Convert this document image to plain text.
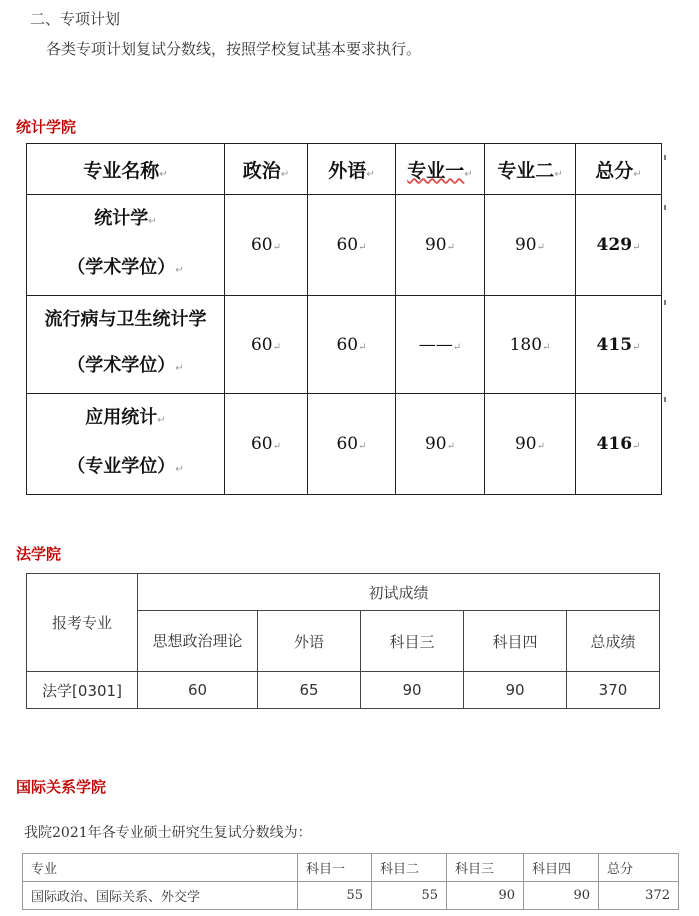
二、专项计划
各类专项计划复试分数线，按照学校复试基本要求执行。
统计学院
专业名称↵	政治↵	外语↵	专业一↵	专业二↵	总分↵

统计学↵
（学术学位）↵	60↵	60↵	90↵	90↵	429↵

流行病与卫生统计学
（学术学位）↵	60↵	60↵	——↵	180↵	415↵

应用统计↵
（专业学位）↵	60↵	60↵	90↵	90↵	416↵
法学院
报考专业	初试成绩				
	思想政治理论	外语	科目三	科目四	总成绩
法学[0301]	60	65	90	90	370
国际关系学院
我院2021年各专业硕士研究生复试分数线为：
专业	科目一	科目二	科目三	科目四	总分
国际政治、国际关系、外交学	55	55	90	90	372
